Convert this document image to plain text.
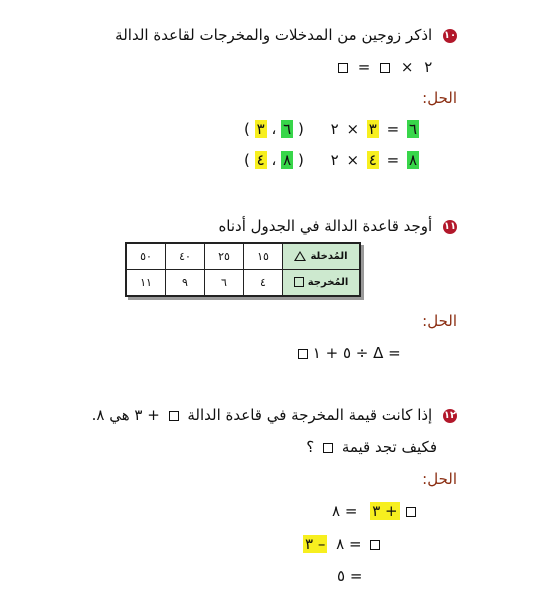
١٠ اذكر زوجين من المدخلات والمخرجات لقاعدة الدالة
= × ٢
الحل:
( ٦ ، ٣ )	٦ = ٣ × ٢
( ٨ ، ٤ )	٨ = ٤ × ٢
١١ أوجد قاعدة الدالة في الجدول أدناه
المُدخلة	١٥	٢٥	٤٠	٥٠
المُخرجة	٤	٦	٩	١١
الحل:
= Δ ÷ ٥ + ١
١٢ إذا كانت قيمة المخرجة في قاعدة الدالة  + ٣ هي ٨.
فكيف تجد قيمة  ؟
الحل:
= ٨ + ٣
– ٣ = ٨
= ٥
